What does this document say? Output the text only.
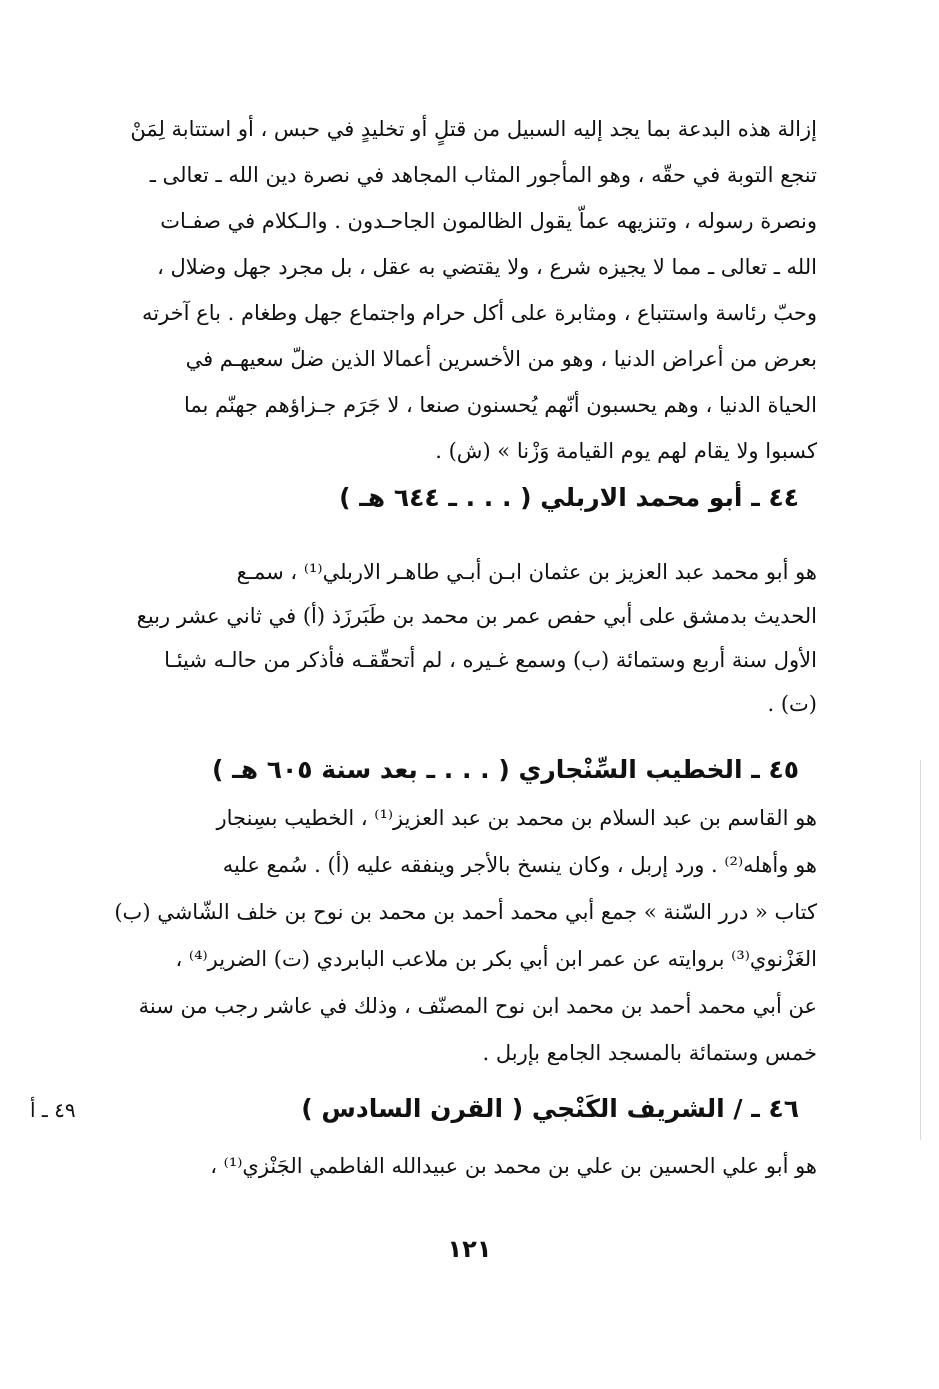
إزالة هذه البدعة بما يجد إليه السبيل من قتلٍ أو تخليدٍ في حبس ، أو استتابة لِمَنْ
تنجع التوبة في حقّه ، وهو المأجور المثاب المجاهد في نصرة دين الله ـ تعالى ـ
ونصرة رسوله ، وتنزيهه عماّ يقول الظالمون الجاحـدون . والـكلام في صفـات
الله ـ تعالى ـ مما لا يجيزه شرع ، ولا يقتضي به عقل ، بل مجرد جهل وضلال ،
وحبّ رئاسة واستتباع ، ومثابرة على أكل حرام واجتماع جهل وطغام . باع آخرته
بعرض من أعراض الدنيا ، وهو من الأخسرين أعمالا الذين ضلّ سعيهـم في
الحياة الدنيا ، وهم يحسبون أنّهم يُحسنون صنعا ، لا جَرَم جـزاؤهم جهنّم بما
كسبوا ولا يقام لهم يوم القيامة وَزْنا » (ش) .
٤٤ ـ أبو محمد الاربلي ( . . . ـ ٦٤٤ هـ )
هو أبو محمد عبد العزيز بن عثمان ابـن أبـي طاهـر الاربلي⁽¹⁾ ، سمـع
الحديث بدمشق على أبي حفص عمر بن محمد بن طَبَرزَذ (أ) في ثاني عشر ربيع
الأول سنة أربع وستمائة (ب) وسمع غـيره ، لم أتحقّقـه فأذكر من حالـه شيئـا
(ت) .
٤٥ ـ الخطيب السِّنْجاري ( . . . ـ بعد سنة ٦٠٥ هـ )
هو القاسم بن عبد السلام بن محمد بن عبد العزيز⁽¹⁾ ، الخطيب بسِنجار
هو وأهله⁽²⁾ . ورد إربل ، وكان ينسخ بالأجر وينفقه عليه (أ) . سُمع عليه
كتاب « درر السّنة » جمع أبي محمد أحمد بن محمد بن نوح بن خلف الشّاشي (ب)
الغَزْنوي⁽³⁾ بروايته عن عمر ابن أبي بكر بن ملاعب البابردي (ت) الضرير⁽⁴⁾ ،
عن أبي محمد أحمد بن محمد ابن نوح المصنّف ، وذلك في عاشر رجب من سنة
خمس وستمائة بالمسجد الجامع بإربل .
٤٦ ـ / الشريف الكَنْجي ( القرن السادس )
٤٩ ـ أ
هو أبو علي الحسين بن علي بن محمد بن عبيدالله الفاطمي الجَنْزي⁽¹⁾ ،
١٢١
